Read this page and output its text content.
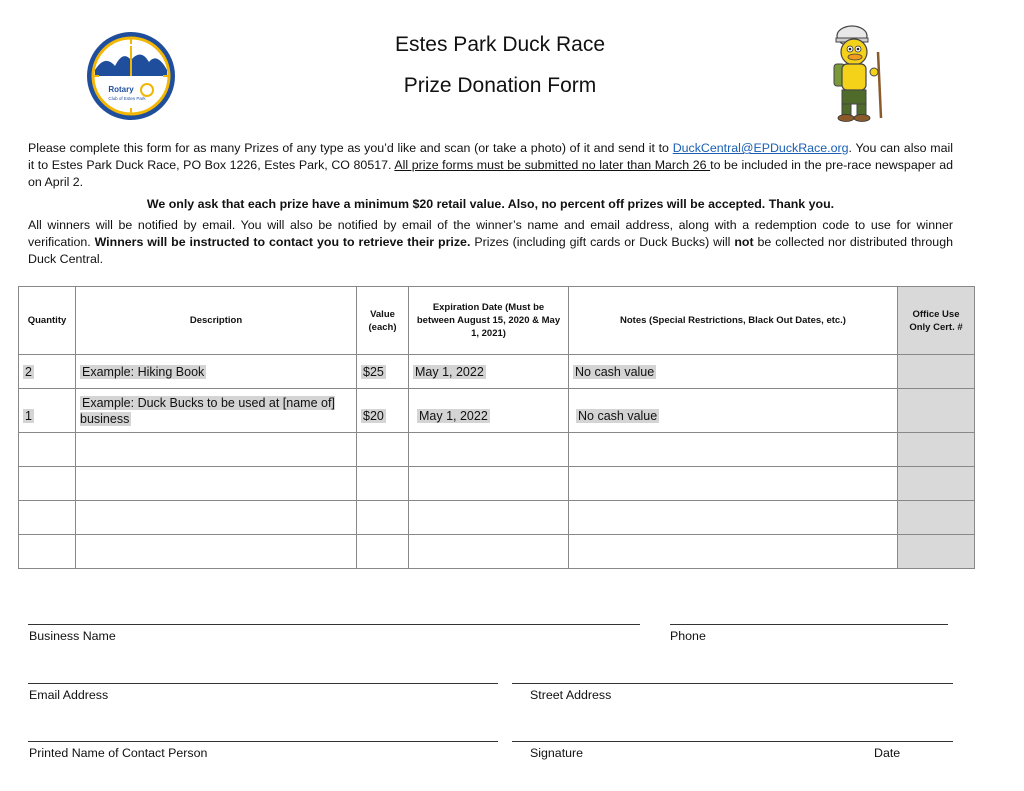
Rotary
Club of Estes Park
Estes Park Duck Race
Prize Donation Form
Please complete this form for as many Prizes of any type as you’d like and scan (or take a photo) of it and send it to DuckCentral@EPDuckRace.org. You can also mail it to Estes Park Duck Race, PO Box 1226, Estes Park, CO 80517. All prize forms must be submitted no later than March 26 to be included in the pre-race newspaper ad on April 2.
We only ask that each prize have a minimum $20 retail value. Also, no percent off prizes will be accepted. Thank you.
All winners will be notified by email. You will also be notified by email of the winner’s name and email address, along with a redemption code to use for winner verification. Winners will be instructed to contact you to retrieve their prize. Prizes (including gift cards or Duck Bucks) will not be collected nor distributed through Duck Central.
Quantity	Description	Value (each)	Expiration Date (Must be between August 15, 2020 & May 1, 2021)	Notes (Special Restrictions, Black Out Dates, etc.)	Office Use Only Cert. #
2	Example: Hiking Book	$25	May 1, 2022	No cash value	
1	Example: Duck Bucks to be used at [name of] business	$20	May 1, 2022	No cash value	

Business Name	Phone
Email Address	Street Address
Printed Name of Contact Person	Signature	Date
